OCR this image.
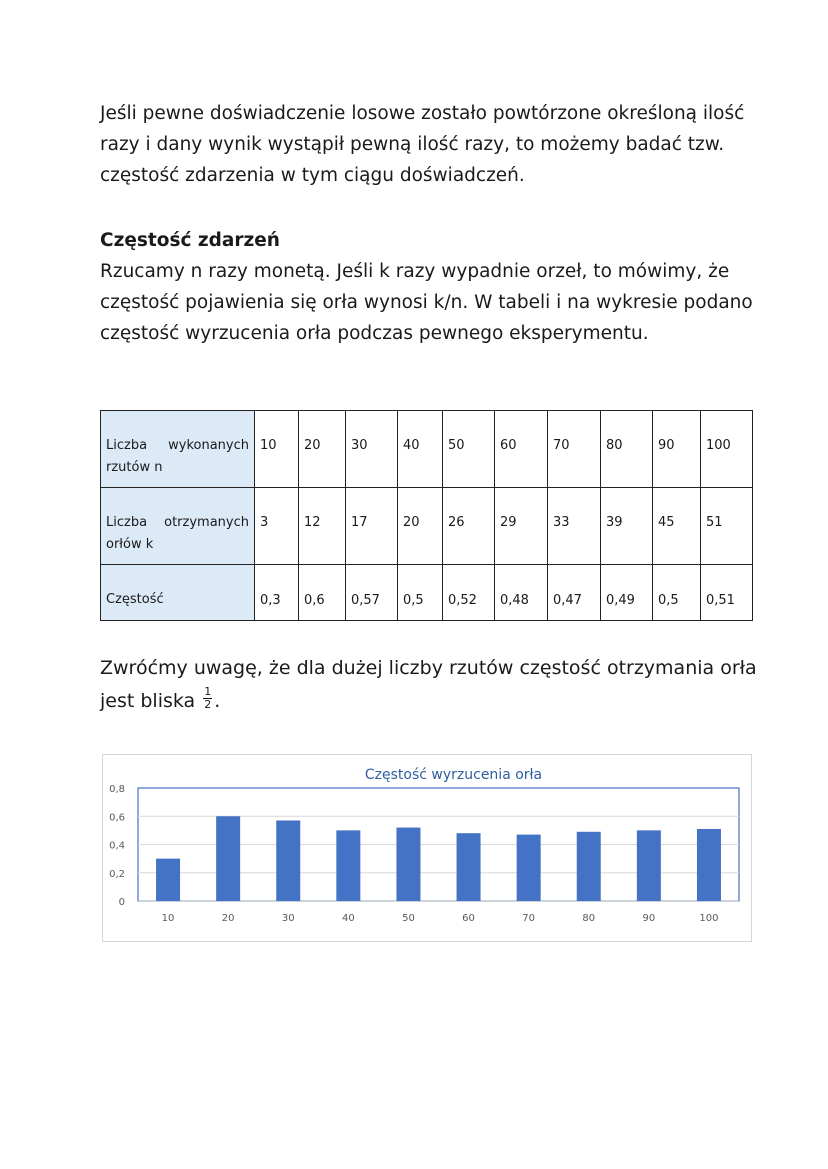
Jeśli pewne doświadczenie losowe zostało powtórzone określoną ilość
razy i dany wynik wystąpił pewną ilość razy, to możemy badać tzw.
częstość zdarzenia w tym ciągu doświadczeń.

Częstość zdarzeń

Rzucamy n razy monetą. Jeśli k razy wypadnie orzeł, to mówimy, że
częstość pojawienia się orła wynosi k/n. W tabeli i na wykresie podano
częstość wyrzucenia orła podczas pewnego eksperymentu.

Liczba wykonanych rzutów n	10	20	30	40	50	60	70	80	90	100
Liczba otrzymanych orłów k	3	12	17	20	26	29	33	39	45	51
Częstość	0,3	0,6	0,57	0,5	0,52	0,48	0,47	0,49	0,5	0,51

Zwróćmy uwagę, że dla dużej liczby rzutów częstość otrzymania orła
jest bliska $\frac{1}{2}$ .

Częstość wyrzucenia orła
0
0,2
0,4
0,6
0,8
10	20	30	40	50	60	70	80	90	100
